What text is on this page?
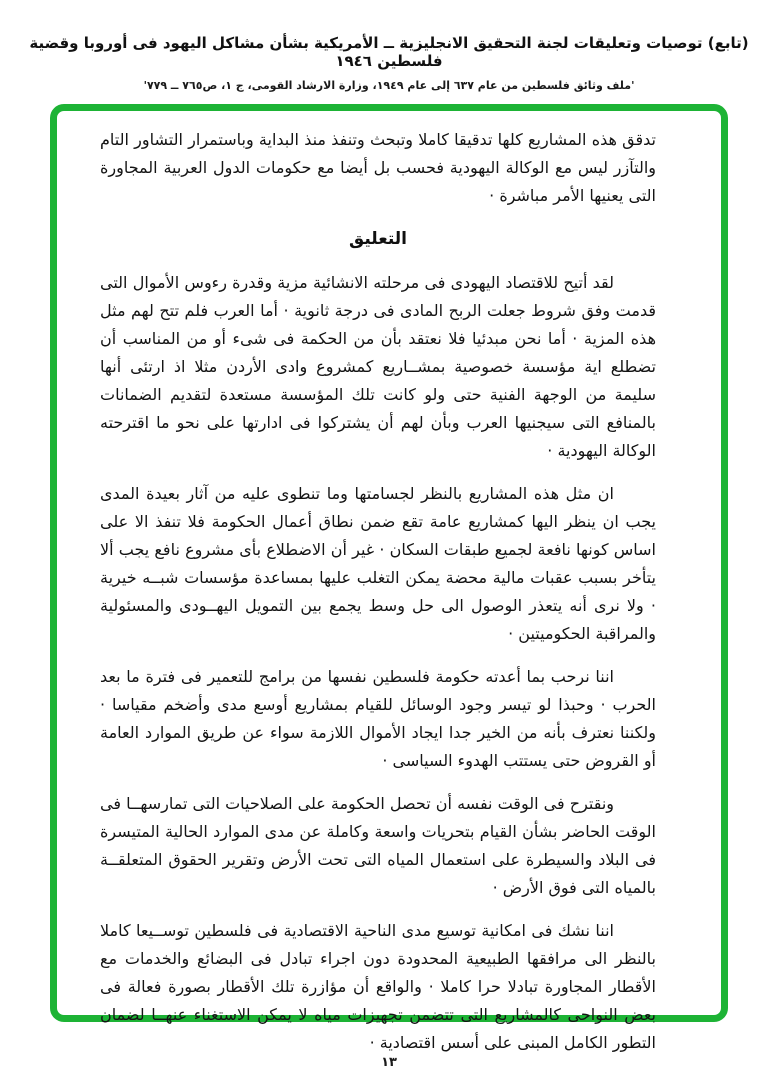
(تابع) توصيات وتعليقات لجنة التحقيق الانجليزية ــ الأمريكية بشأن مشاكل اليهود فى أوروبا وقضية فلسطين ١٩٤٦
'ملف وثائق فلسطين من عام ٦٣٧ إلى عام ١٩٤٩، وزارة الارشاد القومى، ج ١، ص٧٦٥ ــ ٧٧٩'

تدقق هذه المشاريع كلها تدقيقا كاملا وتبحث وتنفذ منذ البداية وباستمرار التشاور التام والتآزر ليس مع الوكالة اليهودية فحسب بل أيضا مع حكومات الدول العربية المجاورة التى يعنيها الأمر مباشرة ·

التعليق

لقد أتيح للاقتصاد اليهودى فى مرحلته الانشائية مزية وقدرة رءوس الأموال التى قدمت وفق شروط جعلت الربح المادى فى درجة ثانوية · أما العرب فلم تتح لهم مثل هذه المزية · أما نحن مبدئيا فلا نعتقد بأن من الحكمة فى شىء أو من المناسب أن تضطلع اية مؤسسة خصوصية بمشــاريع كمشروع وادى الأردن مثلا اذ ارتئى أنها سليمة من الوجهة الفنية حتى ولو كانت تلك المؤسسة مستعدة لتقديم الضمانات بالمنافع التى سيجنيها العرب وبأن لهم أن يشتركوا فى ادارتها على نحو ما اقترحته الوكالة اليهودية ·

ان مثل هذه المشاريع بالنظر لجسامتها وما تنطوى عليه من آثار بعيدة المدى يجب ان ينظر اليها كمشاريع عامة تقع ضمن نطاق أعمال الحكومة فلا تنفذ الا على اساس كونها نافعة لجميع طبقات السكان · غير أن الاضطلاع بأى مشروع نافع يجب ألا يتأخر بسبب عقبات مالية محضة يمكن التغلب عليها بمساعدة مؤسسات شبــه خيرية · ولا نرى أنه يتعذر الوصول الى حل وسط يجمع بين التمويل اليهــودى والمسئولية والمراقبة الحكوميتين ·

اننا نرحب بما أعدته حكومة فلسطين نفسها من برامج للتعمير فى فترة ما بعد الحرب · وحبذا لو تيسر وجود الوسائل للقيام بمشاريع أوسع مدى وأضخم مقياسا · ولكننا نعترف بأنه من الخير جدا ايجاد الأموال اللازمة سواء عن طريق الموارد العامة أو القروض حتى يستتب الهدوء السياسى ·

ونقترح فى الوقت نفسه أن تحصل الحكومة على الصلاحيات التى تمارسهــا فى الوقت الحاضر بشأن القيام بتحريات واسعة وكاملة عن مدى الموارد الحالية المتيسرة فى البلاد والسيطرة على استعمال المياه التى تحت الأرض وتقرير الحقوق المتعلقــة بالمياه التى فوق الأرض ·

اننا نشك فى امكانية توسيع مدى الناحية الاقتصادية فى فلسطين توســيعا كاملا بالنظر الى مرافقها الطبيعية المحدودة دون اجراء تبادل فى البضائع والخدمات مع الأقطار المجاورة تبادلا حرا كاملا · والواقع أن مؤازرة تلك الأقطار بصورة فعالة فى بعض النواحى كالمشاريع التى تتضمن تجهيزات مياه لا يمكن الاستغناء عنهــا لضمان التطور الكامل المبنى على أسس اقتصادية ·

١٣
